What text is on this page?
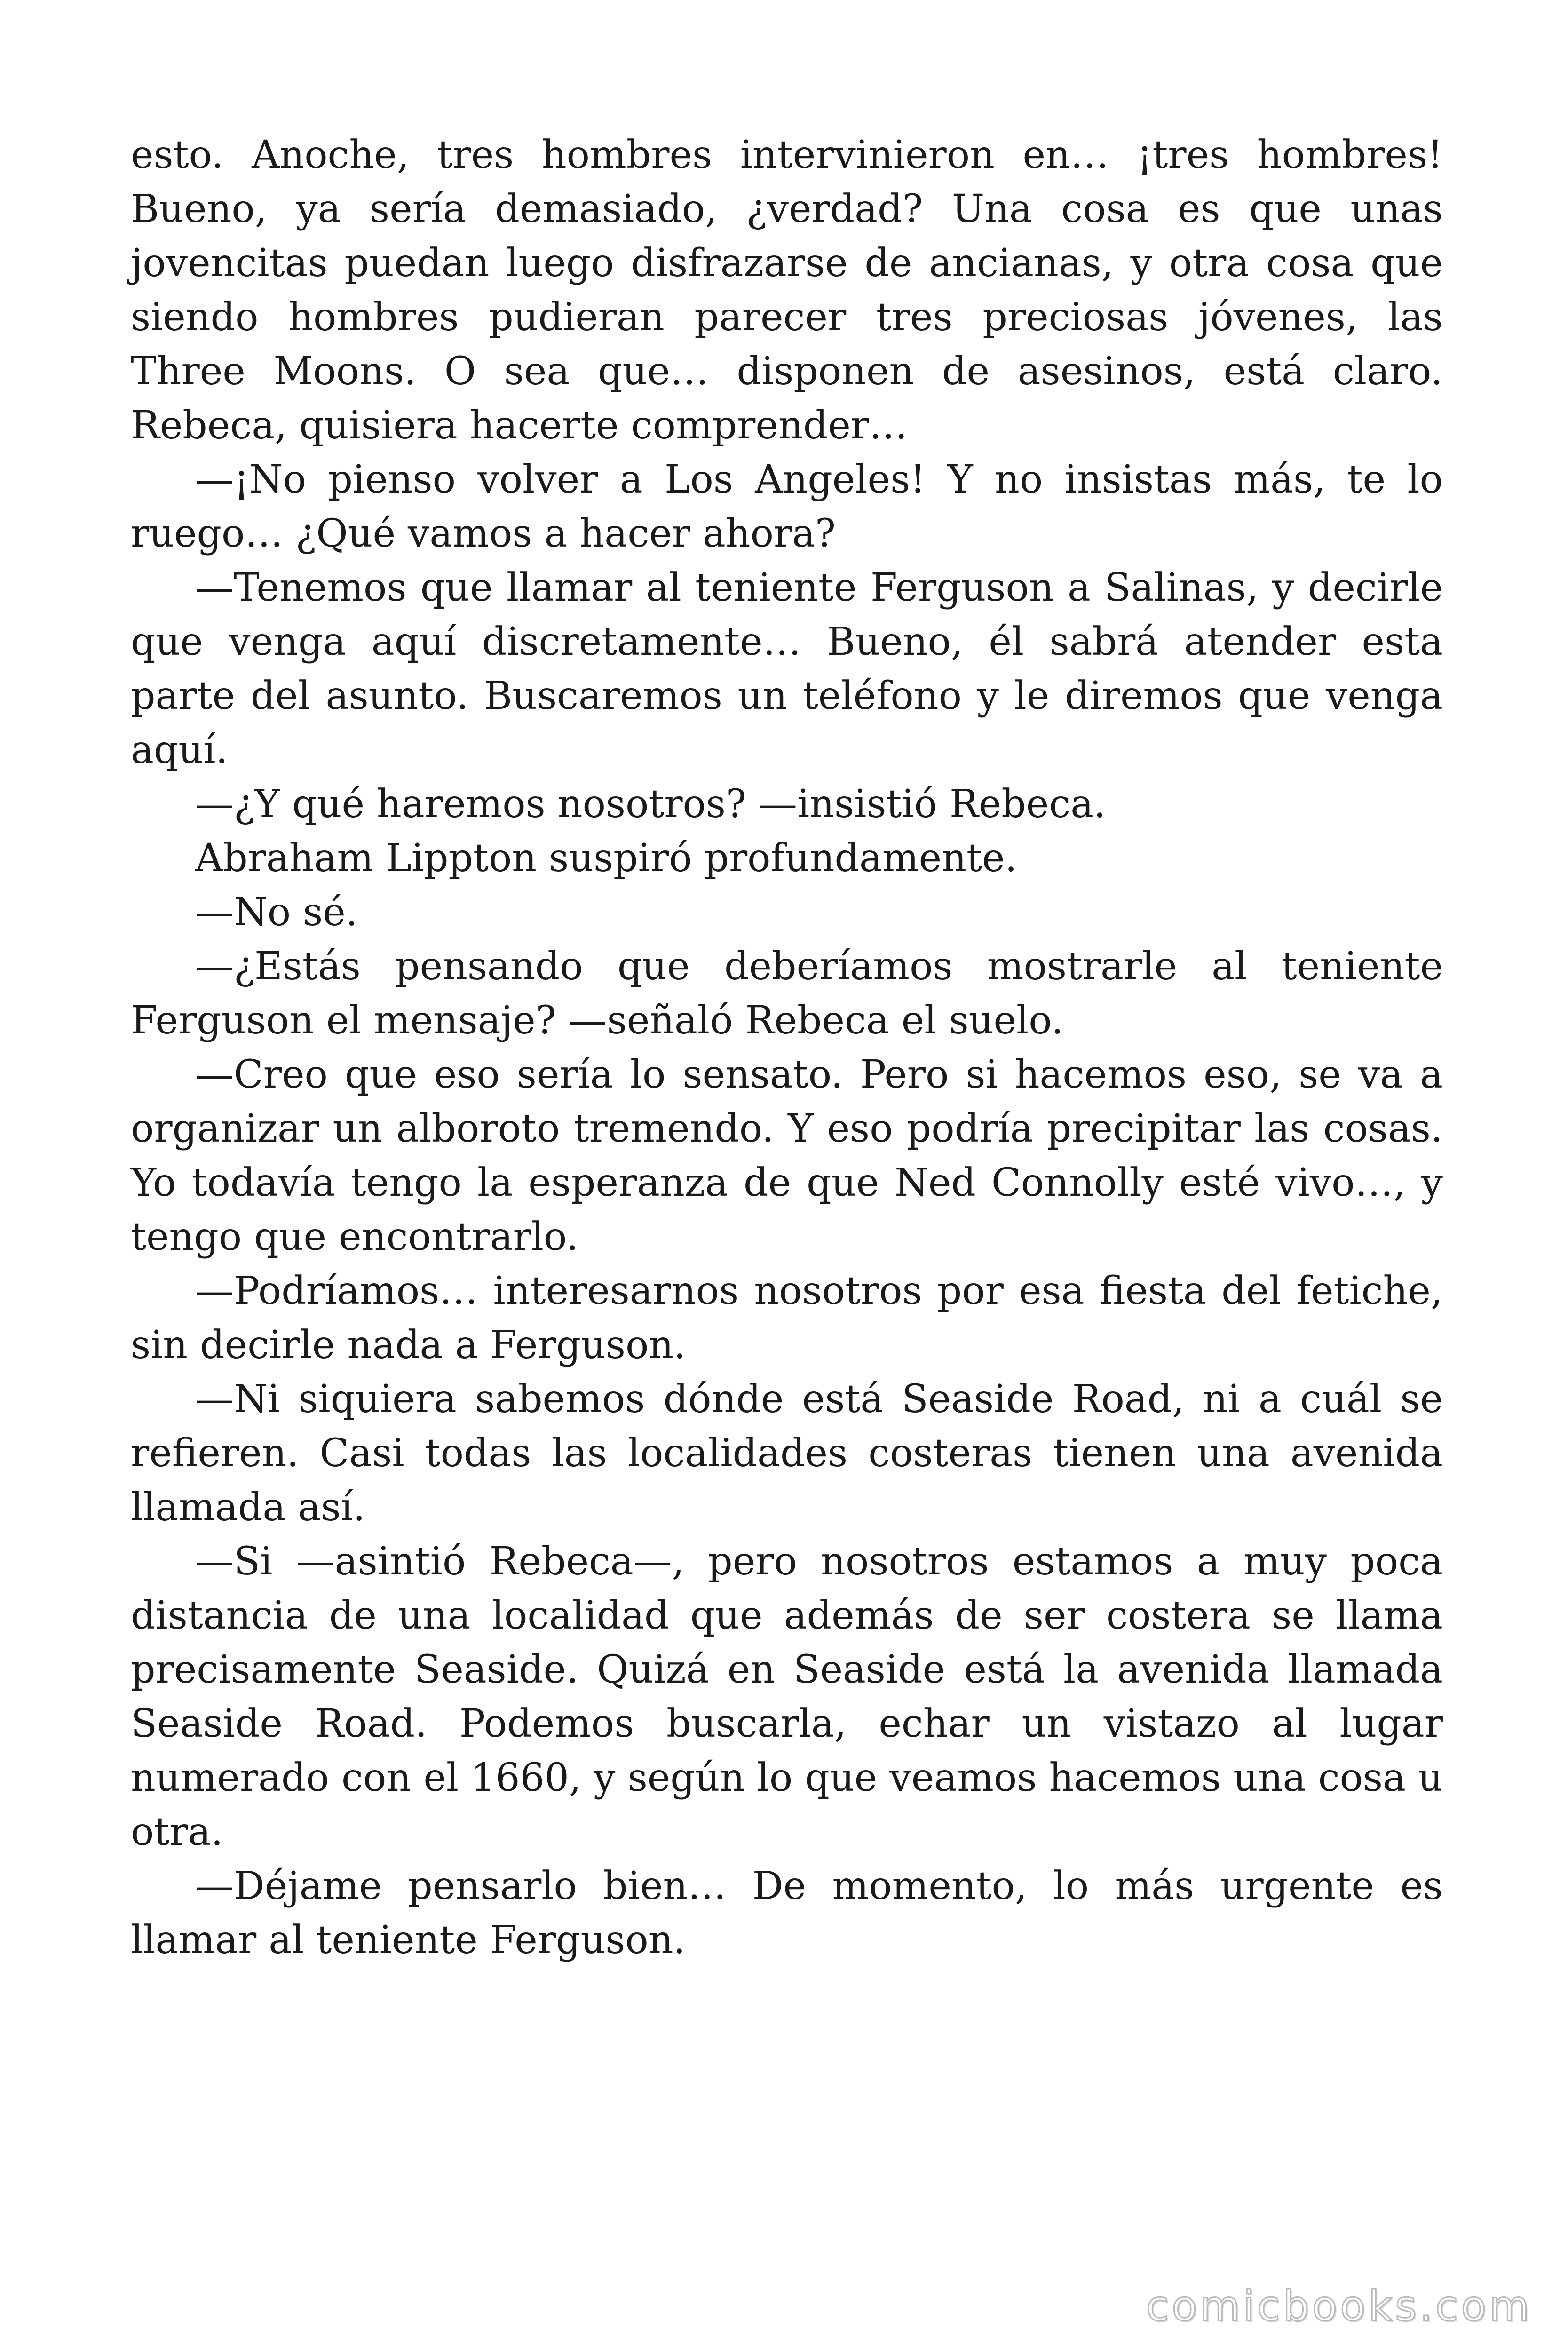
esto. Anoche, tres hombres intervinieron en… ¡tres hombres! Bueno, ya sería demasiado, ¿verdad? Una cosa es que unas jovencitas puedan luego disfrazarse de ancianas, y otra cosa que siendo hombres pudieran parecer tres preciosas jóvenes, las Three Moons. O sea que… disponen de asesinos, está claro. Rebeca, quisiera hacerte comprender…

—¡No pienso volver a Los Angeles! Y no insistas más, te lo ruego… ¿Qué vamos a hacer ahora?

—Tenemos que llamar al teniente Ferguson a Salinas, y decirle que venga aquí discretamente… Bueno, él sabrá atender esta parte del asunto. Buscaremos un teléfono y le diremos que venga aquí.

—¿Y qué haremos nosotros? —insistió Rebeca.

Abraham Lippton suspiró profundamente.

—No sé.

—¿Estás pensando que deberíamos mostrarle al teniente Ferguson el mensaje? —señaló Rebeca el suelo.

—Creo que eso sería lo sensato. Pero si hacemos eso, se va a organizar un alboroto tremendo. Y eso podría precipitar las cosas. Yo todavía tengo la esperanza de que Ned Connolly esté vivo…, y tengo que encontrarlo.

—Podríamos… interesarnos nosotros por esa fiesta del fetiche, sin decirle nada a Ferguson.

—Ni siquiera sabemos dónde está Seaside Road, ni a cuál se refieren. Casi todas las localidades costeras tienen una avenida llamada así.

—Si —asintió Rebeca—, pero nosotros estamos a muy poca distancia de una localidad que además de ser costera se llama precisamente Seaside. Quizá en Seaside está la avenida llamada Seaside Road. Podemos buscarla, echar un vistazo al lugar numerado con el 1660, y según lo que veamos hacemos una cosa u otra.

—Déjame pensarlo bien… De momento, lo más urgente es llamar al teniente Ferguson.

comicbooks.com
